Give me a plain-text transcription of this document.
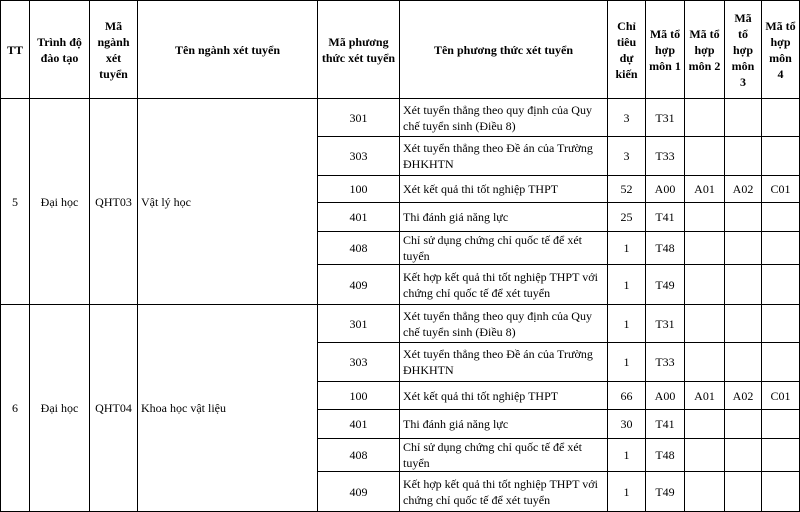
TT	Trình độ đào tạo	Mã ngành xét tuyển	Tên ngành xét tuyển	Mã phương thức xét tuyển	Tên phương thức xét tuyển	Chỉ tiêu dự kiến	Mã tổ hợp môn 1	Mã tổ hợp môn 2	Mã tổ hợp môn 3	Mã tổ hợp môn 4
5	Đại học	QHT03	Vật lý học	301	Xét tuyển thẳng theo quy định của Quy chế tuyển sinh (Điều 8)	3	T31			
				303	Xét tuyển thẳng theo Đề án của Trường ĐHKHTN	3	T33			
				100	Xét kết quả thi tốt nghiệp THPT	52	A00	A01	A02	C01
				401	Thi đánh giá năng lực	25	T41			
				408	Chỉ sử dụng chứng chỉ quốc tế để xét tuyển	1	T48			
				409	Kết hợp kết quả thi tốt nghiệp THPT với chứng chỉ quốc tế để xét tuyển	1	T49			
6	Đại học	QHT04	Khoa học vật liệu	301	Xét tuyển thẳng theo quy định của Quy chế tuyển sinh (Điều 8)	1	T31			
				303	Xét tuyển thẳng theo Đề án của Trường ĐHKHTN	1	T33			
				100	Xét kết quả thi tốt nghiệp THPT	66	A00	A01	A02	C01
				401	Thi đánh giá năng lực	30	T41			
				408	Chỉ sử dụng chứng chỉ quốc tế để xét tuyển	1	T48			
				409	Kết hợp kết quả thi tốt nghiệp THPT với chứng chỉ quốc tế để xét tuyển	1	T49			
